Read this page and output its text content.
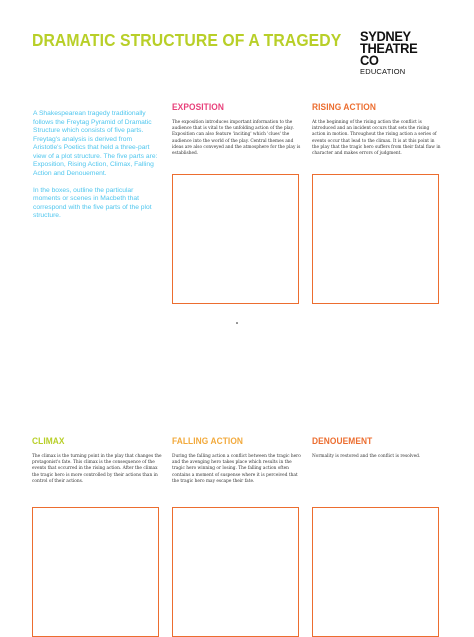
DRAMATIC STRUCTURE OF A TRAGEDY SYDNEY
THEATRE
CO
EDUCATION

A Shakespearean tragedy traditionally follows the Freytag Pyramid of Dramatic Structure which consists of five parts. Freytag's analysis is derived from Aristotle's Poetics that held a three-part view of a plot structure. The five parts are: Exposition, Rising Action, Climax, Falling Action and Denouement.

In the boxes, outline the particular moments or scenes in Macbeth that correspond with the five parts of the plot structure.

EXPOSITION
The exposition introduces important information to the audience that is vital to the unfolding action of the play. Exposition can also feature 'inciting' which 'clues' the audience into the world of the play. Central themes and ideas are also conveyed and the atmosphere for the play is established.
RISING ACTION
At the beginning of the rising action the conflict is introduced and an incident occurs that sets the rising action in motion. Throughout the rising action a series of events occur that lead to the climax. It is at this point in the play that the tragic hero suffers from their fatal flaw in character and makes errors of judgment.
CLIMAX
The climax is the turning point in the play that changes the protagonist's fate. This climax is the consequence of the events that occurred in the rising action. After the climax the tragic hero is more controlled by their actions than in control of their actions.
FALLING ACTION
During the falling action a conflict between the tragic hero and the avenging hero takes place which results in the tragic hero winning or losing. The falling action often contains a moment of suspense where it is perceived that the tragic hero may escape their fate.
DENOUEMENT
Normality is restored and the conflict is resolved.
